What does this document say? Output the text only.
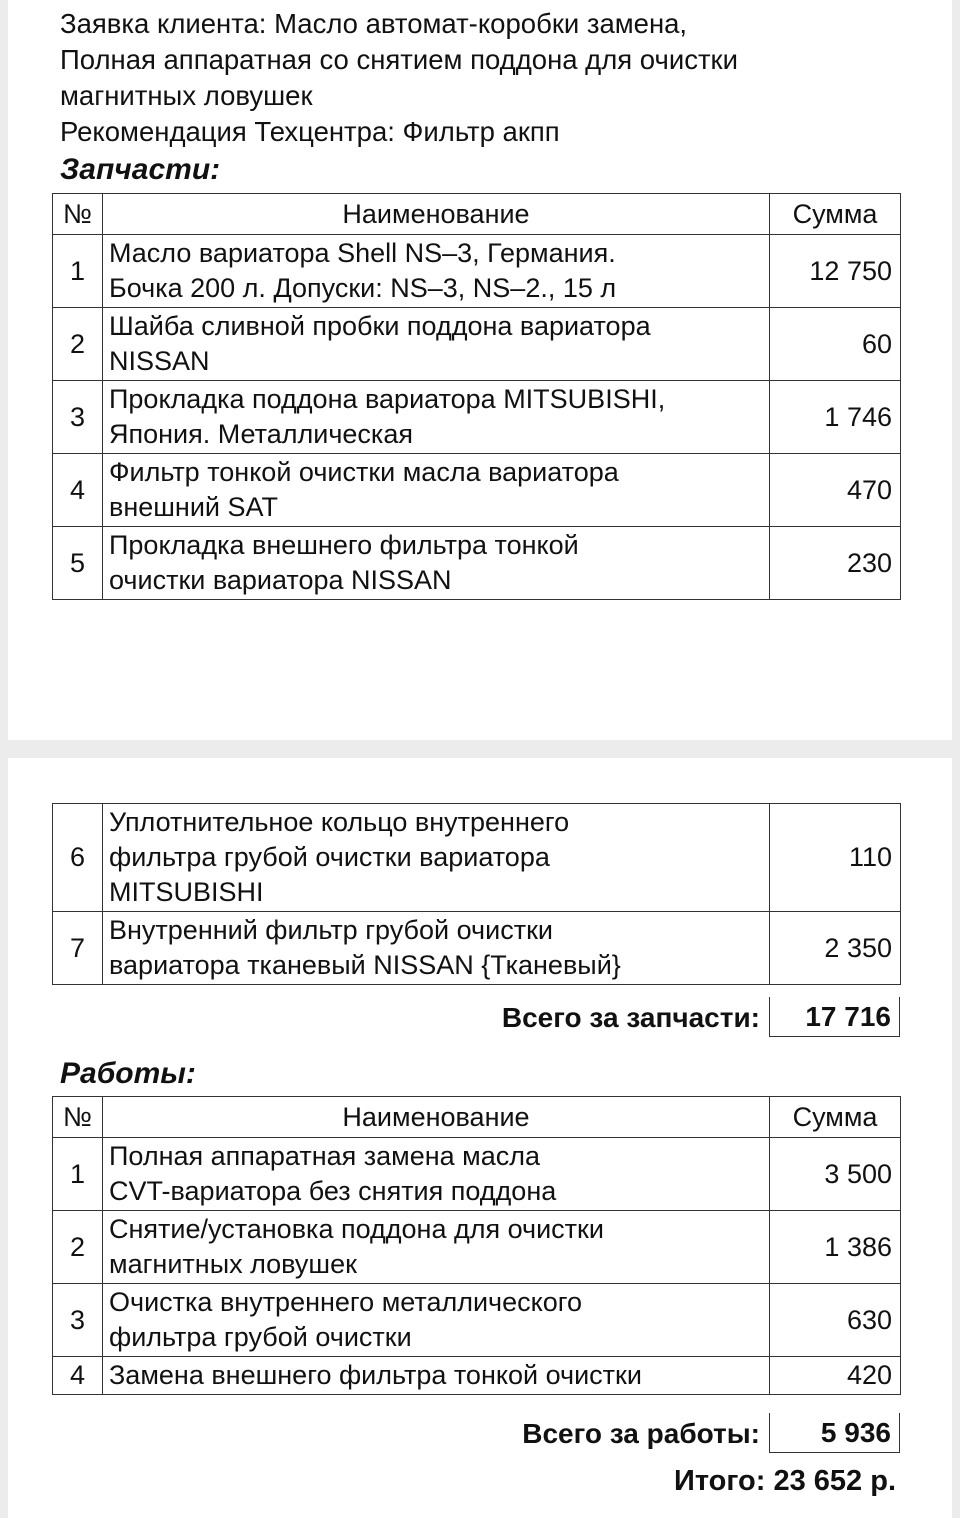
Заявка клиента: Масло автомат-коробки замена,

Полная аппаратная со снятием поддона для очистки

магнитных ловушек

Рекомендация Техцентра: Фильтр акпп

Запчасти:

№	Наименование	Сумма
1	Масло вариатора Shell NS–3, Германия.
Бочка 200 л. Допуски: NS–3, NS–2., 15 л	12 750
2	Шайба сливной пробки поддона вариатора
NISSAN	60
3	Прокладка поддона вариатора MITSUBISHI,
Япония. Металлическая	1 746
4	Фильтр тонкой очистки масла вариатора
внешний SAT	470
5	Прокладка внешнего фильтра тонкой
очистки вариатора NISSAN	230
6	Уплотнительное кольцо внутреннего
фильтра грубой очистки вариатора
MITSUBISHI	110
7	Внутренний фильтр грубой очистки
вариатора тканевый NISSAN {Тканевый}	2 350
Всего за запчасти:	17 716

Работы:

№	Наименование	Сумма
1	Полная аппаратная замена масла
CVT-вариатора без снятия поддона	3 500
2	Снятие/установка поддона для очистки
магнитных ловушек	1 386
3	Очистка внутреннего металлического
фильтра грубой очистки	630
4	Замена внешнего фильтра тонкой очистки	420
Всего за работы:	5 936
Итого: 23 652 р.
